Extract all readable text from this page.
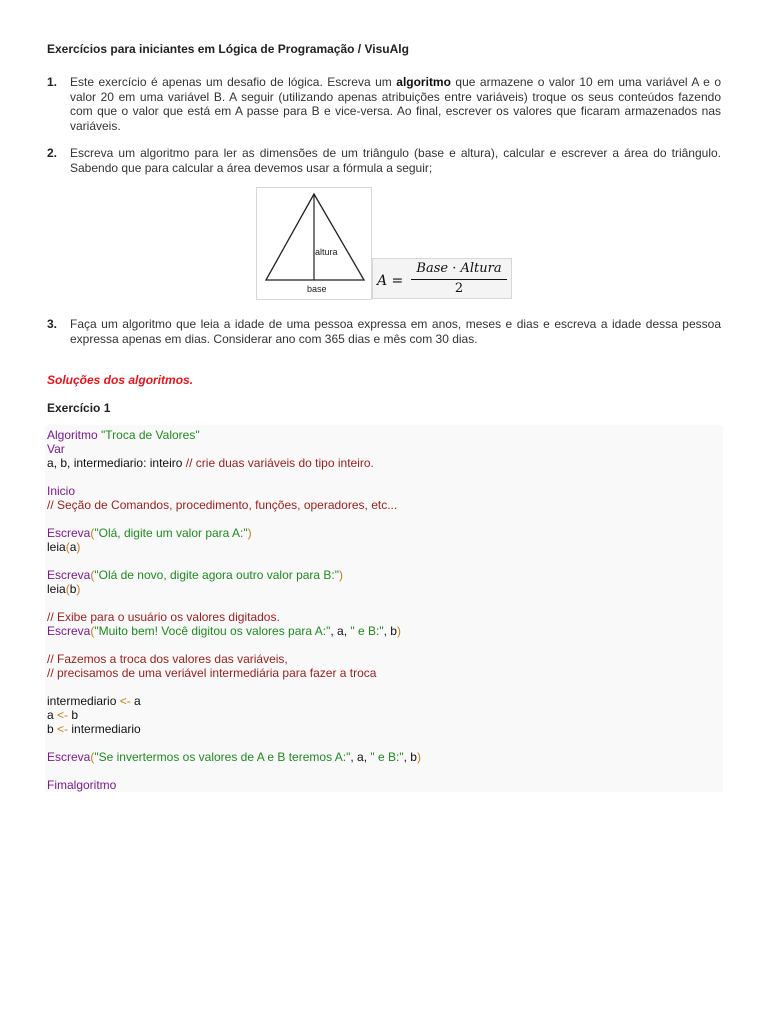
Exercícios para iniciantes em Lógica de Programação / VisuAlg
1. Este exercício é apenas um desafio de lógica. Escreva um algoritmo que armazene o valor 10 em uma variável A e o valor 20 em uma variável B. A seguir (utilizando apenas atribuições entre variáveis) troque os seus conteúdos fazendo com que o valor que está em A passe para B e vice-versa. Ao final, escrever os valores que ficaram armazenados nas variáveis.
2. Escreva um algoritmo para ler as dimensões de um triângulo (base e altura), calcular e escrever a área do triângulo. Sabendo que para calcular a área devemos usar a fórmula a seguir;
altura
base	A =
Base · Altura
2
3. Faça um algoritmo que leia a idade de uma pessoa expressa em anos, meses e dias e escreva a idade dessa pessoa expressa apenas em dias. Considerar ano com 365 dias e mês com 30 dias.
Soluções dos algoritmos.
Exercício 1
Algoritmo "Troca de Valores"
Var
a, b, intermediario: inteiro // crie duas variáveis do tipo inteiro.
Inicio
// Seção de Comandos, procedimento, funções, operadores, etc...
Escreva("Olá, digite um valor para A:")
leia(a)
Escreva("Olá de novo, digite agora outro valor para B:")
leia(b)
// Exibe para o usuário os valores digitados.
Escreva("Muito bem! Você digitou os valores para A:", a, " e B:", b)
// Fazemos a troca dos valores das variáveis,
// precisamos de uma veriável intermediária para fazer a troca
intermediario <- a
a <- b
b <- intermediario
Escreva("Se invertermos os valores de A e B teremos A:", a, " e B:", b)
Fimalgoritmo
